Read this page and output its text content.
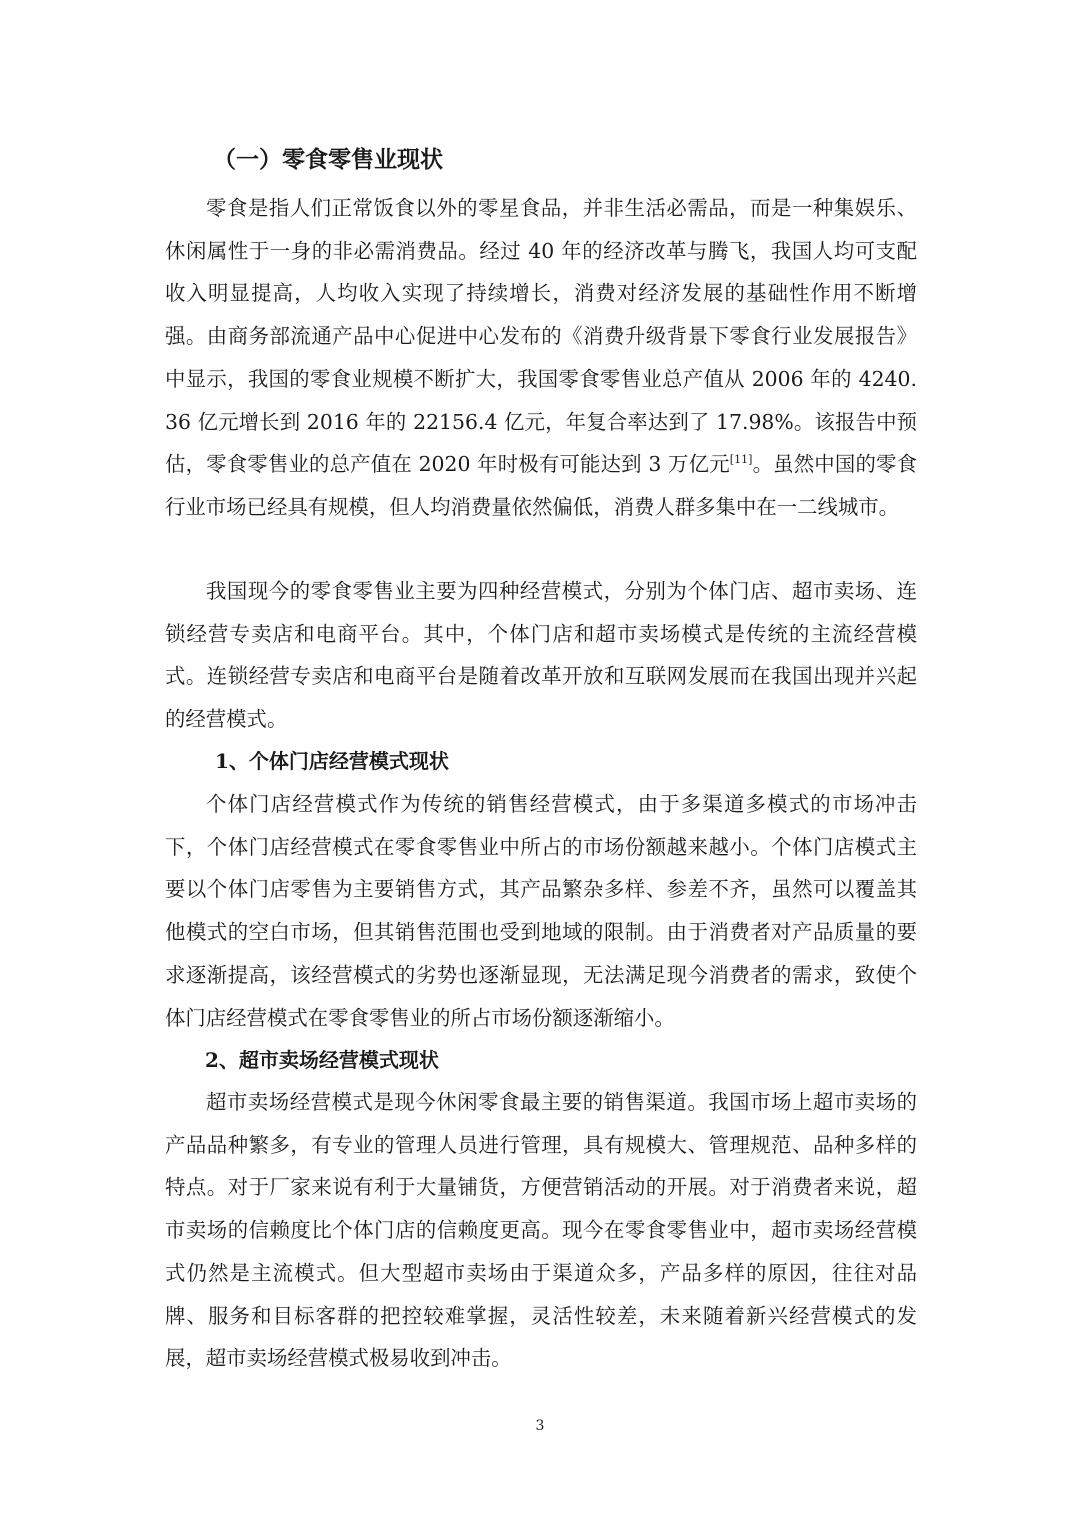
（一）零食零售业现状

零食是指人们正常饭食以外的零星食品，并非生活必需品，而是一种集娱乐、休闲属性于一身的非必需消费品。经过 40 年的经济改革与腾飞，我国人均可支配收入明显提高，人均收入实现了持续增长，消费对经济发展的基础性作用不断增强。由商务部流通产品中心促进中心发布的《消费升级背景下零食行业发展报告》中显示，我国的零食业规模不断扩大，我国零食零售业总产值从 2006 年的 4240.36 亿元增长到 2016 年的 22156.4 亿元，年复合率达到了 17.98%。该报告中预估，零食零售业的总产值在 2020 年时极有可能达到 3 万亿元[11]。虽然中国的零食行业市场已经具有规模，但人均消费量依然偏低，消费人群多集中在一二线城市。

我国现今的零食零售业主要为四种经营模式，分别为个体门店、超市卖场、连锁经营专卖店和电商平台。其中，个体门店和超市卖场模式是传统的主流经营模式。连锁经营专卖店和电商平台是随着改革开放和互联网发展而在我国出现并兴起的经营模式。

1、个体门店经营模式现状

个体门店经营模式作为传统的销售经营模式，由于多渠道多模式的市场冲击下，个体门店经营模式在零食零售业中所占的市场份额越来越小。个体门店模式主要以个体门店零售为主要销售方式，其产品繁杂多样、参差不齐，虽然可以覆盖其他模式的空白市场，但其销售范围也受到地域的限制。由于消费者对产品质量的要求逐渐提高，该经营模式的劣势也逐渐显现，无法满足现今消费者的需求，致使个体门店经营模式在零食零售业的所占市场份额逐渐缩小。

2、超市卖场经营模式现状

超市卖场经营模式是现今休闲零食最主要的销售渠道。我国市场上超市卖场的产品品种繁多，有专业的管理人员进行管理，具有规模大、管理规范、品种多样的特点。对于厂家来说有利于大量铺货，方便营销活动的开展。对于消费者来说，超市卖场的信赖度比个体门店的信赖度更高。现今在零食零售业中，超市卖场经营模式仍然是主流模式。但大型超市卖场由于渠道众多，产品多样的原因，往往对品牌、服务和目标客群的把控较难掌握，灵活性较差，未来随着新兴经营模式的发展，超市卖场经营模式极易收到冲击。

3
